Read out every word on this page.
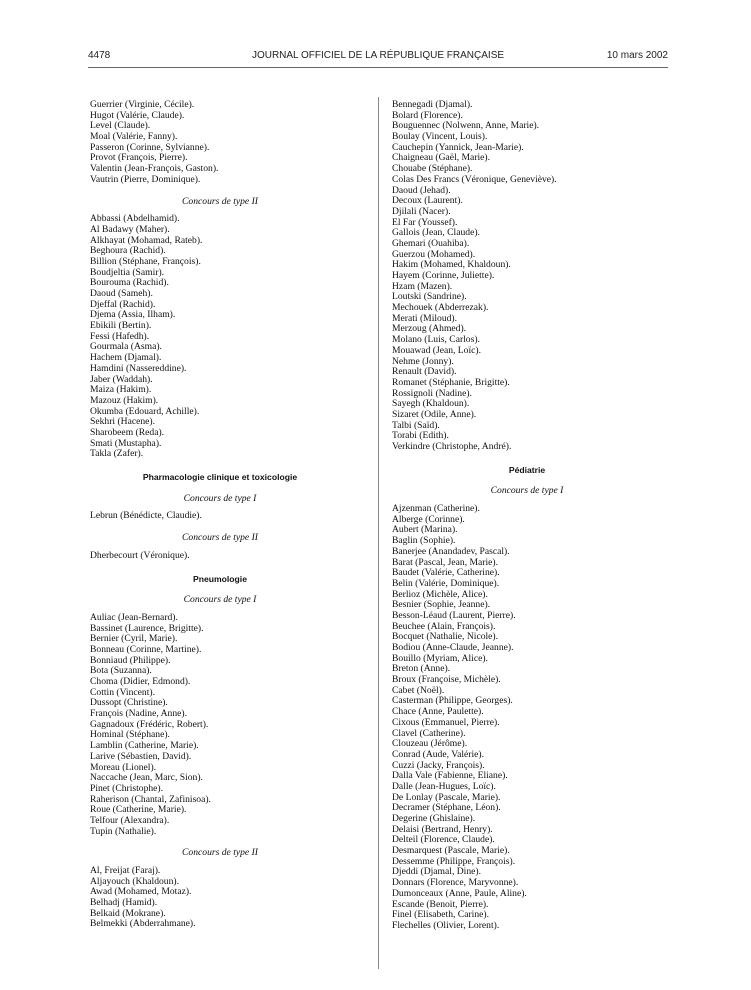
4478	JOURNAL OFFICIEL DE LA RÉPUBLIQUE FRANÇAISE	10 mars 2002
Guerrier (Virginie, Cécile).
Hugot (Valérie, Claude).
Level (Claude).
Moal (Valérie, Fanny).
Passeron (Corinne, Sylvianne).
Provot (François, Pierre).
Valentin (Jean-François, Gaston).
Vautrin (Pierre, Dominique).
Concours de type II
Abbassi (Abdelhamid).
Al Badawy (Maher).
Alkhayat (Mohamad, Rateb).
Beghoura (Rachid).
Billion (Stéphane, François).
Boudjeltia (Samir).
Bourouma (Rachid).
Daoud (Sameh).
Djeffal (Rachid).
Djema (Assia, Ilham).
Ebikili (Bertin).
Fessi (Hafedh).
Gourmala (Asma).
Hachem (Djamal).
Hamdini (Nassereddine).
Jaber (Waddah).
Maiza (Hakim).
Mazouz (Hakim).
Okumba (Edouard, Achille).
Sekhri (Hacene).
Sharobeem (Reda).
Smati (Mustapha).
Takla (Zafer).
Pharmacologie clinique et toxicologie
Concours de type I
Lebrun (Bénédicte, Claudie).
Concours de type II
Dherbecourt (Véronique).
Pneumologie
Concours de type I
Auliac (Jean-Bernard).
Bassinet (Laurence, Brigitte).
Bernier (Cyril, Marie).
Bonneau (Corinne, Martine).
Bonniaud (Philippe).
Bota (Suzanna).
Choma (Didier, Edmond).
Cottin (Vincent).
Dussopt (Christine).
François (Nadine, Anne).
Gagnadoux (Frédéric, Robert).
Hominal (Stéphane).
Lamblin (Catherine, Marie).
Larive (Sébastien, David).
Moreau (Lionel).
Naccache (Jean, Marc, Sion).
Pinet (Christophe).
Raherison (Chantal, Zafinisoa).
Roue (Catherine, Marie).
Telfour (Alexandra).
Tupin (Nathalie).
Concours de type II
Al, Freijat (Faraj).
Aljayouch (Khaldoun).
Awad (Mohamed, Motaz).
Belhadj (Hamid).
Belkaid (Mokrane).
Belmekki (Abderrahmane).
Bennegadi (Djamal).
Bolard (Florence).
Bouguennec (Nolwenn, Anne, Marie).
Boulay (Vincent, Louis).
Cauchepin (Yannick, Jean-Marie).
Chaigneau (Gaël, Marie).
Chouabe (Stéphane).
Colas Des Francs (Véronique, Geneviève).
Daoud (Jehad).
Decoux (Laurent).
Djilali (Nacer).
El Far (Youssef).
Gallois (Jean, Claude).
Ghemari (Ouahiba).
Guerzou (Mohamed).
Hakim (Mohamed, Khaldoun).
Hayem (Corinne, Juliette).
Hzam (Mazen).
Loutski (Sandrine).
Mechouek (Abderrezak).
Merati (Miloud).
Merzoug (Ahmed).
Molano (Luis, Carlos).
Mouawad (Jean, Loïc).
Nehme (Jonny).
Renault (David).
Romanet (Stéphanie, Brigitte).
Rossignoli (Nadine).
Sayegh (Khaldoun).
Sizaret (Odile, Anne).
Talbi (Saïd).
Torabi (Edith).
Verkindre (Christophe, André).
Pédiatrie
Concours de type I
Ajzenman (Catherine).
Alberge (Corinne).
Aubert (Marina).
Baglin (Sophie).
Banerjee (Anandadev, Pascal).
Barat (Pascal, Jean, Marie).
Baudet (Valérie, Catherine).
Belin (Valérie, Dominique).
Berlioz (Michèle, Alice).
Besnier (Sophie, Jeanne).
Besson-Léaud (Laurent, Pierre).
Beuchee (Alain, François).
Bocquet (Nathalie, Nicole).
Bodiou (Anne-Claude, Jeanne).
Bouillo (Myriam, Alice).
Breton (Anne).
Broux (Françoise, Michèle).
Cabet (Noël).
Casterman (Philippe, Georges).
Chace (Anne, Paulette).
Cixous (Emmanuel, Pierre).
Clavel (Catherine).
Clouzeau (Jérôme).
Conrad (Aude, Valérie).
Cuzzi (Jacky, François).
Dalla Vale (Fabienne, Eliane).
Dalle (Jean-Hugues, Loïc).
De Lonlay (Pascale, Marie).
Decramer (Stéphane, Léon).
Degerine (Ghislaine).
Delaisi (Bertrand, Henry).
Delteil (Florence, Claude).
Desmarquest (Pascale, Marie).
Dessemme (Philippe, François).
Djeddi (Djamal, Dine).
Donnars (Florence, Maryvonne).
Dumonceaux (Anne, Paule, Aline).
Escande (Benoit, Pierre).
Finel (Elisabeth, Carine).
Flechelles (Olivier, Lorent).
